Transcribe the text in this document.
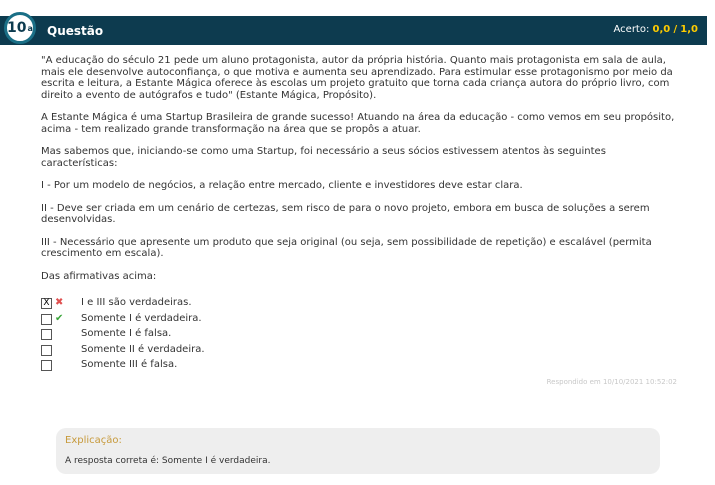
10 a Questão	Acerto: 0,0 / 1,0

"A educação do século 21 pede um aluno protagonista, autor da própria história. Quanto mais protagonista em sala de aula, mais ele desenvolve autoconfiança, o que motiva e aumenta seu aprendizado. Para estimular esse protagonismo por meio da escrita e leitura, a Estante Mágica oferece às escolas um projeto gratuito que torna cada criança autora do próprio livro, com direito a evento de autógrafos e tudo" (Estante Mágica, Propósito).

A Estante Mágica é uma Startup Brasileira de grande sucesso! Atuando na área da educação - como vemos em seu propósito, acima - tem realizado grande transformação na área que se propôs a atuar.

Mas sabemos que, iniciando-se como uma Startup, foi necessário a seus sócios estivessem atentos às seguintes características:

I - Por um modelo de negócios, a relação entre mercado, cliente e investidores deve estar clara.

II - Deve ser criada em um cenário de certezas, sem risco de para o novo projeto, embora em busca de soluções a serem desenvolvidas.

III - Necessário que apresente um produto que seja original (ou seja, sem possibilidade de repetição) e escalável (permita crescimento em escala).

Das afirmativas acima:

X ✖ I e III são verdadeiras.
✔ Somente I é verdadeira.
Somente I é falsa.
Somente II é verdadeira.
Somente III é falsa.
Respondido em 10/10/2021 10:52:02
Explicação:
A resposta correta é: Somente I é verdadeira.
